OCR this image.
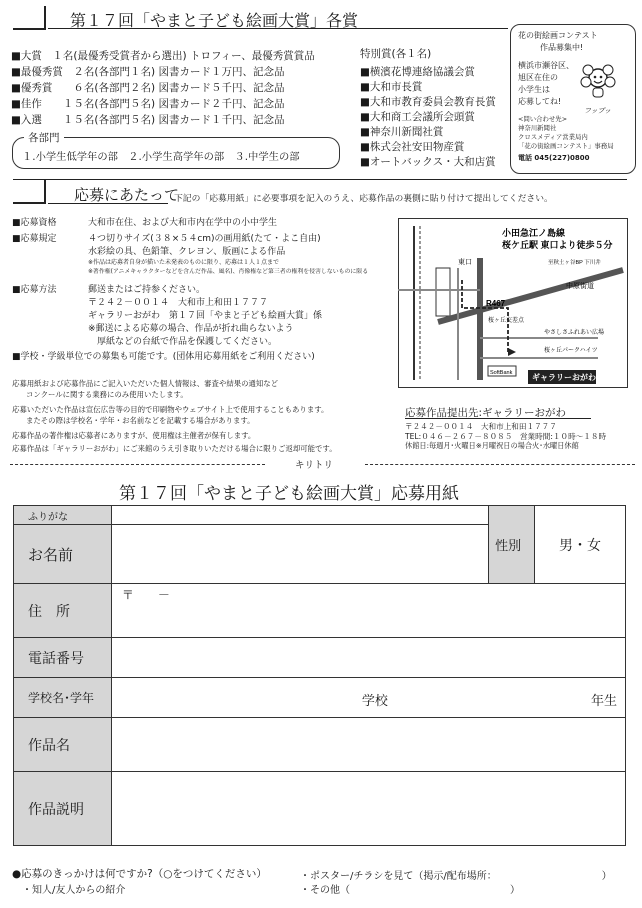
第１７回「やまと子ども絵画大賞」各賞
■大賞　１名(最優秀受賞者から選出) トロフィー、最優秀賞賞品
■最優秀賞　２名(各部門１名) 図書カード１万円、記念品
■優秀賞　　６名(各部門２名) 図書カード５千円、記念品
■佳作　　１５名(各部門５名) 図書カード２千円、記念品
■入選　　１５名(各部門５名) 図書カード１千円、記念品
各部門
１.小学生低学年の部　２.小学生高学年の部　３.中学生の部
特別賞(各１名)
■横濱花博連絡協議会賞
■大和市長賞
■大和市教育委員会教育長賞
■大和商工会議所会頭賞
■神奈川新聞社賞
■株式会社安田物産賞
■オートバックス・大和店賞
花の街絵画コンテスト
作品募集中!
横浜市瀬谷区、
旭区在住の
小学生は
応募してね!
フップッ
<問い合わせ先>
神奈川新聞社
クロスメディア営業局内
「花の街絵画コンテスト」事務局
電話 045(227)0800
応募にあたって
下記の「応募用紙」に必要事項を記入のうえ、応募作品の裏側に貼り付けて提出してください。
■応募資格	大和市在住、および大和市内在学中の小中学生
■応募規定	４つ切りサイズ(３８×５４cm)の画用紙(たて・よこ自由)
水彩絵の具、色鉛筆、クレヨン、版画による作品
※作品は応募者自身が描いた未発表のものに限り、応募は１人１点まで
※著作権(アニメキャラクターなどを含んだ作品、風名)、肖像権など第三者の権利を侵害しないものに限る
■応募方法	郵送またはご持参ください。
〒２４２－００１４　大和市上和田１７７７
ギャラリーおがわ　第１７回「やまと子ども絵画大賞」係
※郵送による応募の場合、作品が折れ曲らないよう
　厚紙などの台紙で作品を保護してください。
■学校・学級単位での募集も可能です。(団体用応募用紙をご利用ください)
応募用紙および応募作品にご記入いただいた個人情報は、審査や結果の通知など
コンクールに関する業務にのみ使用いたします。
応募いただいた作品は宣伝広告等の目的で印刷物やウェブサイト上で使用することもあります。
またその際は学校名・学年・お名前などを記載する場合があります。
応募作品の著作権は応募者にありますが、使用権は主催者が保有します。
応募作品は「ギャラリーおがわ」にご来館のうえ引き取りいただける場合に限りご返却可能です。
小田急江ノ島線
桜ケ丘駅 東口より徒歩５分
東口
R467
中原街道
至秋土ヶ谷BP 下川井
桜ヶ丘交差点
やさしさふれあい広場
桜ヶ丘パークハイツ
SoftBank ギャラリーおがわ
応募作品提出先:ギャラリーおがわ
〒２４２－００１４　大和市上和田１７７７
TEL:０４６－２６７－８０８５　営業時間:１０時～１８時
休館日:毎週月･火曜日※月曜祝日の場合火･水曜日休館
キリトリ
第１７回「やまと子ども絵画大賞」応募用紙
ふりがな		性別	男・女
お名前			
住　所	〒　　－		
電話番号			
学校名･学年	学校 年生		

作品名			
作品説明			
●応募のきっかけは何ですか?（○をつけてください）	・ポスター/チラシを見て（掲示/配布場所：　　　　　　　　　　　）
・知人/友人からの紹介	・その他（　　　　　　　　　　　　　　　　）
